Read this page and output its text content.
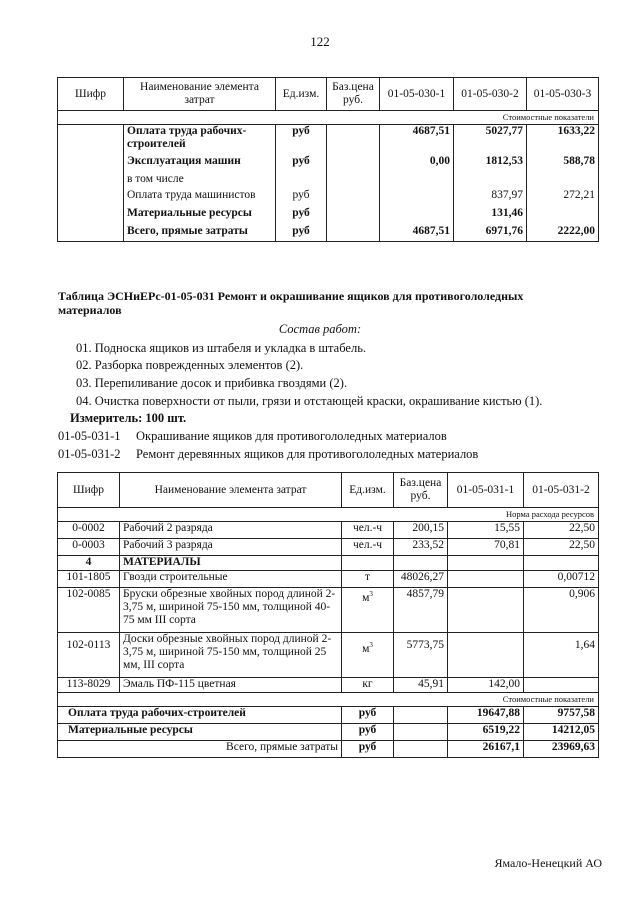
122
Шифр	Наименование элемента затрат	Ед.изм.	Баз.цена руб.	01-05-030-1	01-05-030-2	01-05-030-3
Стоимостные показатели						
	Оплата труда рабочих-строителей	руб		4687,51	5027,77	1633,22
	Эксплуатация машин	руб		0,00	1812,53	588,78
	в том числе					
	Оплата труда машинистов	руб			837,97	272,21
	Материальные ресурсы	руб			131,46	
	Всего, прямые затраты	руб		4687,51	6971,76	2222,00
Таблица ЭСНиЕРс-01-05-031 Ремонт и окрашивание ящиков для противогололедных материалов
Состав работ:
01. Подноска ящиков из штабеля и укладка в штабель.
02. Разборка поврежденных элементов (2).
03. Перепиливание досок и прибивка гвоздями (2).
04. Очистка поверхности от пыли, грязи и отстающей краски, окрашивание кистью (1).
Измеритель: 100 шт.
01-05-031-1 Окрашивание ящиков для противогололедных материалов
01-05-031-2 Ремонт деревянных ящиков для противогололедных материалов
Шифр	Наименование элемента затрат	Ед.изм.	Баз.цена руб.	01-05-031-1	01-05-031-2
Норма расхода ресурсов					
0-0002	Рабочий 2 разряда	чел.-ч	200,15	15,55	22,50
0-0003	Рабочий 3 разряда	чел.-ч	233,52	70,81	22,50
4	МАТЕРИАЛЫ				
101-1805	Гвозди строительные	т	48026,27		0,00712
102-0085	Бруски обрезные хвойных пород длиной 2-3,75 м, шириной 75-150 мм, толщиной 40-75 мм III сорта	$м^3$	4857,79		0,906
102-0113	Доски обрезные хвойных пород длиной 2-3,75 м, шириной 75-150 мм, толщиной 25 мм, III сорта	$м^3$	5773,75		1,64
113-8029	Эмаль ПФ-115 цветная	кг	45,91	142,00	
Стоимостные показатели					
Оплата труда рабочих-строителей		руб		19647,88	9757,58
Материальные ресурсы		руб		6519,22	14212,05
Всего, прямые затраты		руб		26167,1	23969,63
Ямало-Ненецкий АО
